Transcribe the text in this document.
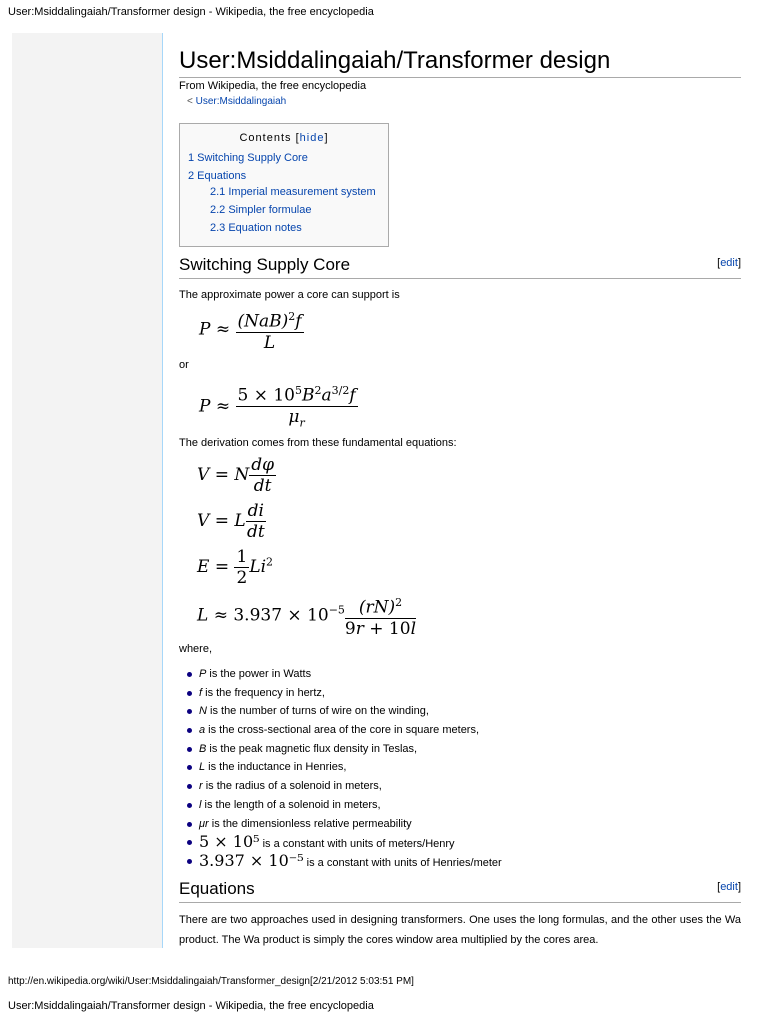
User:Msiddalingaiah/Transformer design - Wikipedia, the free encyclopedia
User:Msiddalingaiah/Transformer design
From Wikipedia, the free encyclopedia
< User:Msiddalingaiah
Contents [hide]
1 Switching Supply Core
2 Equations
2.1 Imperial measurement system
2.2 Simpler formulae
2.3 Equation notes
Switching Supply Core	[edit]
The approximate power a core can support is
$P \approx \frac{(NaB)^2f}{L}$
or
$P \approx \frac{5 \times 10^5B^2a^{3/2}f}{\mu_r}$
The derivation comes from these fundamental equations:
V = N $\frac{d\varphi}{dt}$
V = L $\frac{di}{dt}$
$E = \frac{1}{2} Li^2$
$L \approx 3.937 \times 10^{-5} \frac{(rN)^2}{9r + 10l}$
where,
P is the power in Watts
f is the frequency in hertz,
N is the number of turns of wire on the winding,
a is the cross-sectional area of the core in square meters,
B is the peak magnetic flux density in Teslas,
L is the inductance in Henries,
r is the radius of a solenoid in meters,
l is the length of a solenoid in meters,
μr is the dimensionless relative permeability
5 × 10⁵ is a constant with units of meters/Henry
3.937 × 10⁻⁵ is a constant with units of Henries/meter
Equations	[edit]
There are two approaches used in designing transformers. One uses the long formulas, and the other uses the Wa product. The Wa product is simply the cores window area multiplied by the cores area.
http://en.wikipedia.org/wiki/User:Msiddalingaiah/Transformer_design[2/21/2012 5:03:51 PM]
User:Msiddalingaiah/Transformer design - Wikipedia, the free encyclopedia
